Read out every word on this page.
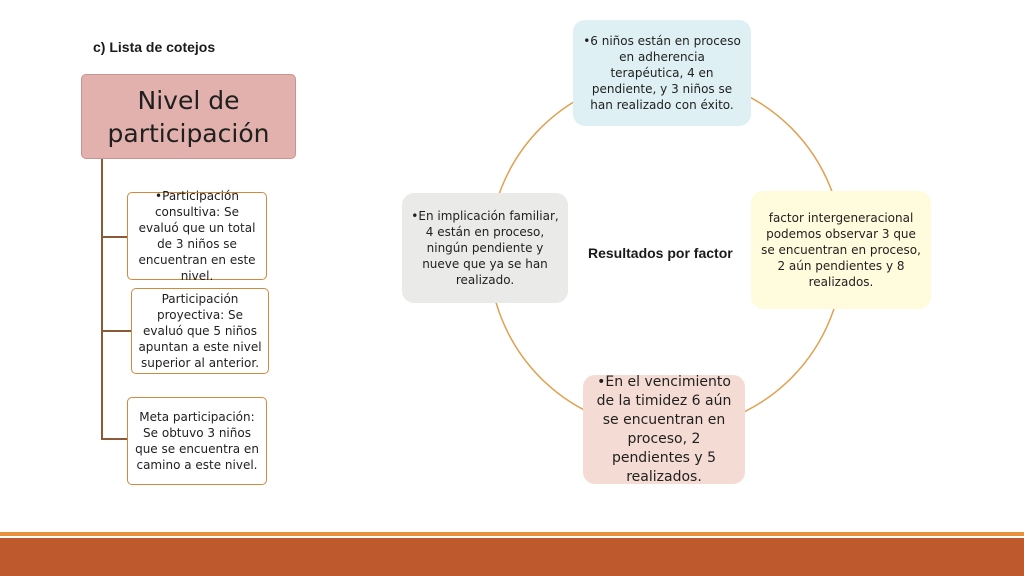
c) Lista de cotejos
Nivel de participación
•Participación consultiva: Se evaluó que un total de 3 niños se encuentran en este nivel.
Participación proyectiva: Se evaluó que 5 niños apuntan a este nivel superior al anterior.
Meta participación: Se obtuvo 3 niños que se encuentra en camino a este nivel.
•6 niños están en proceso en adherencia terapéutica, 4 en pendiente, y 3 niños se han realizado con éxito.
factor intergeneracional podemos observar 3 que se encuentran en proceso, 2 aún pendientes y 8 realizados.
•En el vencimiento de la timidez 6 aún se encuentran en proceso, 2 pendientes y 5 realizados.
•En implicación familiar, 4 están en proceso, ningún pendiente y nueve que ya se han realizado.
Resultados por factor
